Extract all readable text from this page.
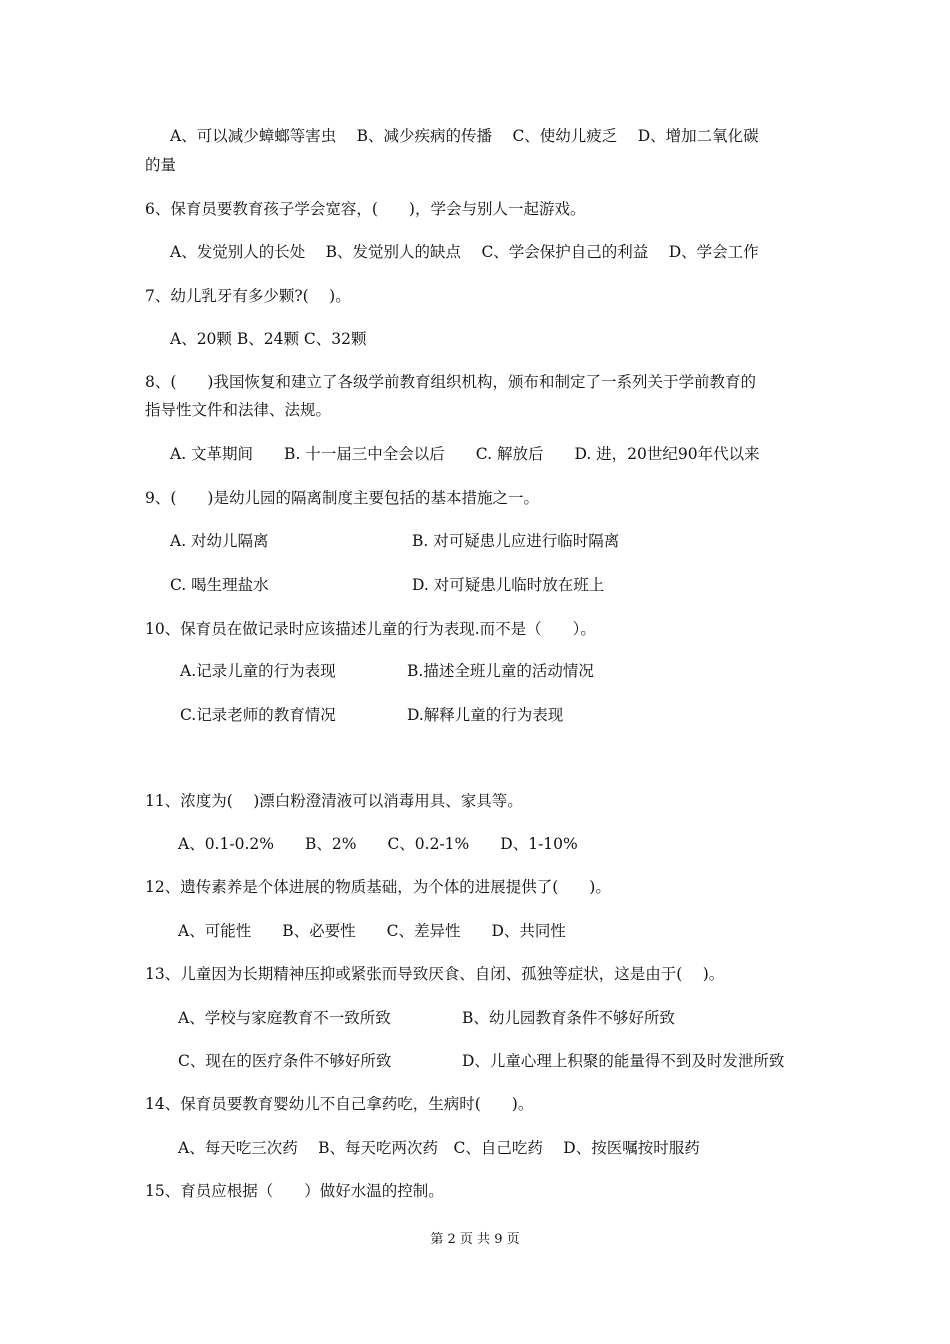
A、可以减少蟑螂等害虫　 B、减少疾病的传播　 C、使幼儿疲乏　 D、增加二氧化碳
的量
6、保育员要教育孩子学会宽容，(　　)，学会与别人一起游戏。
A、发觉别人的长处　 B、发觉别人的缺点　 C、学会保护自己的利益　 D、学会工作
7、幼儿乳牙有多少颗?(　 )。
A、20颗 B、24颗 C、32颗
8、(　　)我国恢复和建立了各级学前教育组织机构，颁布和制定了一系列关于学前教育的
指导性文件和法律、法规。
A. 文革期间　　B. 十一届三中全会以后　　C. 解放后　　D. 进，20世纪90年代以来
9、(　　)是幼儿园的隔离制度主要包括的基本措施之一。
A. 对幼儿隔离	B. 对可疑患儿应进行临时隔离
C. 喝生理盐水	D. 对可疑患儿临时放在班上
10、保育员在做记录时应该描述儿童的行为表现.而不是（　　）。
A.记录儿童的行为表现	B.描述全班儿童的活动情况
C.记录老师的教育情况	D.解释儿童的行为表现
11、浓度为(　 )漂白粉澄清液可以消毒用具、家具等。
A、0.1-0.2%　　B、2%　　C、0.2-1%　　D、1-10%
12、遗传素养是个体进展的物质基础，为个体的进展提供了(　　)。
A、可能性　　B、必要性　　C、差异性　　D、共同性
13、儿童因为长期精神压抑或紧张而导致厌食、自闭、孤独等症状，这是由于(　 )。
A、学校与家庭教育不一致所致	B、幼儿园教育条件不够好所致
C、现在的医疗条件不够好所致	D、儿童心理上积聚的能量得不到及时发泄所致
14、保育员要教育婴幼儿不自己拿药吃，生病时(　　)。
A、每天吃三次药　 B、每天吃两次药　C、自己吃药　 D、按医嘱按时服药
15、育员应根据（　　）做好水温的控制。
第 2 页 共 9 页
